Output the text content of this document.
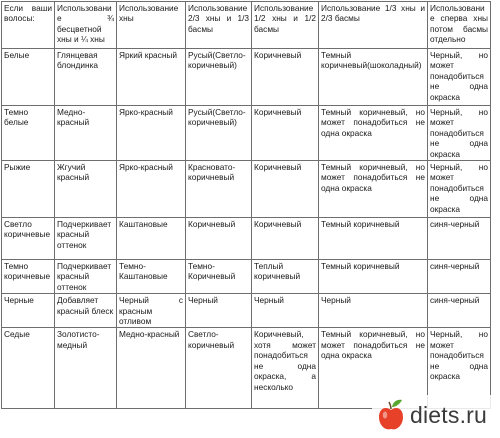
Если ваши волосы:	Использование ¾ бесцветной хны и ¼ хны	Использование хны	Использование 2/3 хны и 1/3 басмы	Использование 1/2 хны и 1/2 басмы	Использование 1/3 хны и 2/3 басмы	Использование сперва хны потом басмы отдельно
Белые	Глянцевая блондинка	Яркий красный	Русый(Светло-коричневый)	Коричневый	Темный коричневый(шоколадный)	Черный, но может понадобиться не одна окраска
Темно белые	Медно-красный	Ярко-красный	Русый(Светло-коричневый)	Коричневый	Темный коричневый, но может понадобиться не одна окраска	Черный, но может понадобиться не одна окраска
Рыжие	Жгучий красный	Ярко-красный	Красновато-коричневый	Коричневый	Темный коричневый, но может понадобиться не одна окраска	Черный, но может понадобиться не одна окраска
Светло коричневые	Подчеркивает красный оттенок	Каштановые	Коричневый	Коричневый	Темный коричневый	синя-черный
Темно коричневые	Подчеркивает красный оттенок	Темно-Каштановые	Темно-Коричневый	Теплый коричневый	Темный коричневый	синя-черный
Черные	Добавляет красный блеск	Черный с красным отливом	Черный	Черный	Черный	синя-черный
Седые	Золотисто-медный	Медно-красный	Светло-коричневый	Коричневый, хотя может понадобиться не одна окраска, а несколько	Темный коричневый, но может понадобиться не одна окраска	Черный, но может понадобиться не одна окраска
diets.ru
